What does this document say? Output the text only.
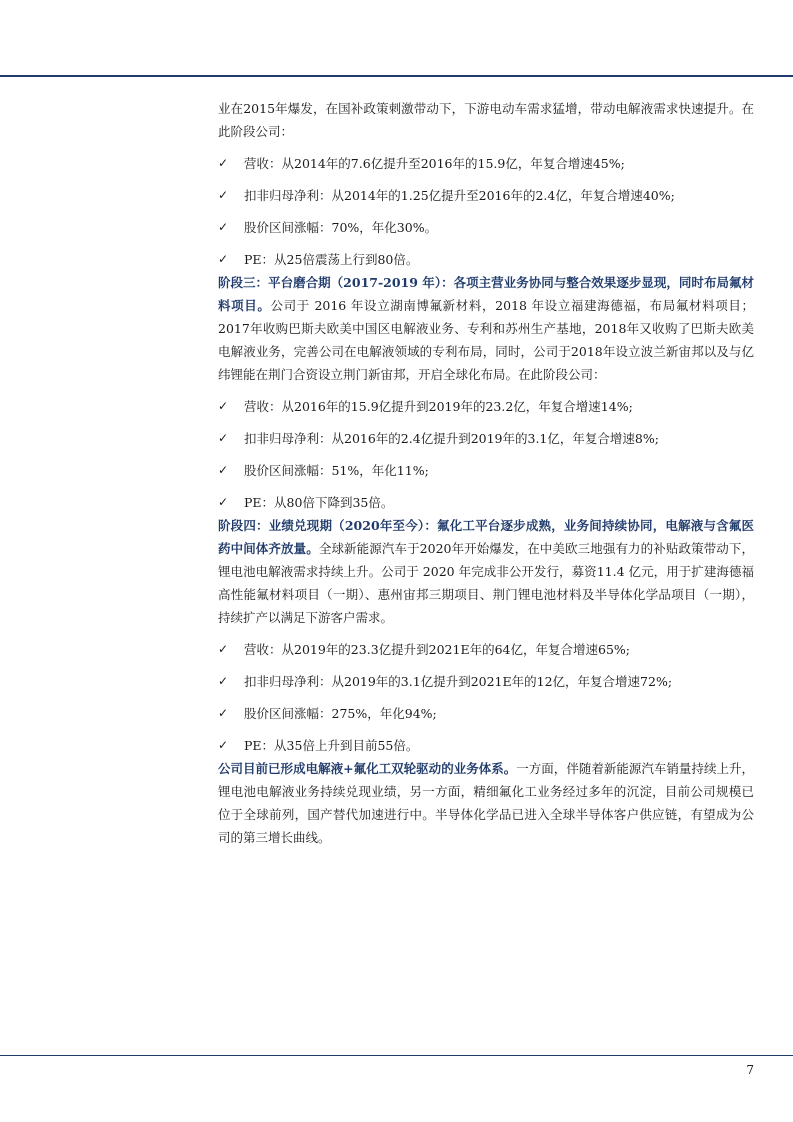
业在2015年爆发，在国补政策刺激带动下，下游电动车需求猛增，带动电解液需求快速提升。在此阶段公司：

✓ 营收：从2014年的7.6亿提升至2016年的15.9亿，年复合增速45%;
✓ 扣非归母净利：从2014年的1.25亿提升至2016年的2.4亿，年复合增速40%;
✓ 股价区间涨幅：70%，年化30%。
✓ PE：从25倍震荡上行到80倍。

阶段三：平台磨合期（2017-2019 年）：各项主营业务协同与整合效果逐步显现，同时布局氟材料项目。公司于 2016 年设立湖南博氟新材料，2018 年设立福建海德福，布局氟材料项目；2017年收购巴斯夫欧美中国区电解液业务、专利和苏州生产基地，2018年又收购了巴斯夫欧美电解液业务，完善公司在电解液领域的专利布局，同时，公司于2018年设立波兰新宙邦以及与亿纬锂能在荆门合资设立荆门新宙邦，开启全球化布局。在此阶段公司：

✓ 营收：从2016年的15.9亿提升到2019年的23.2亿，年复合增速14%;
✓ 扣非归母净利：从2016年的2.4亿提升到2019年的3.1亿，年复合增速8%;
✓ 股价区间涨幅：51%，年化11%;
✓ PE：从80倍下降到35倍。

阶段四：业绩兑现期（2020年至今）：氟化工平台逐步成熟，业务间持续协同，电解液与含氟医药中间体齐放量。全球新能源汽车于2020年开始爆发，在中美欧三地强有力的补贴政策带动下，锂电池电解液需求持续上升。公司于 2020 年完成非公开发行，募资11.4 亿元，用于扩建海德福高性能氟材料项目（一期）、惠州宙邦三期项目、荆门锂电池材料及半导体化学品项目（一期），持续扩产以满足下游客户需求。

✓ 营收：从2019年的23.3亿提升到2021E年的64亿，年复合增速65%;
✓ 扣非归母净利：从2019年的3.1亿提升到2021E年的12亿，年复合增速72%;
✓ 股价区间涨幅：275%，年化94%;
✓ PE：从35倍上升到目前55倍。

公司目前已形成电解液+氟化工双轮驱动的业务体系。一方面，伴随着新能源汽车销量持续上升，锂电池电解液业务持续兑现业绩，另一方面，精细氟化工业务经过多年的沉淀，目前公司规模已位于全球前列，国产替代加速进行中。半导体化学品已进入全球半导体客户供应链，有望成为公司的第三增长曲线。

7
